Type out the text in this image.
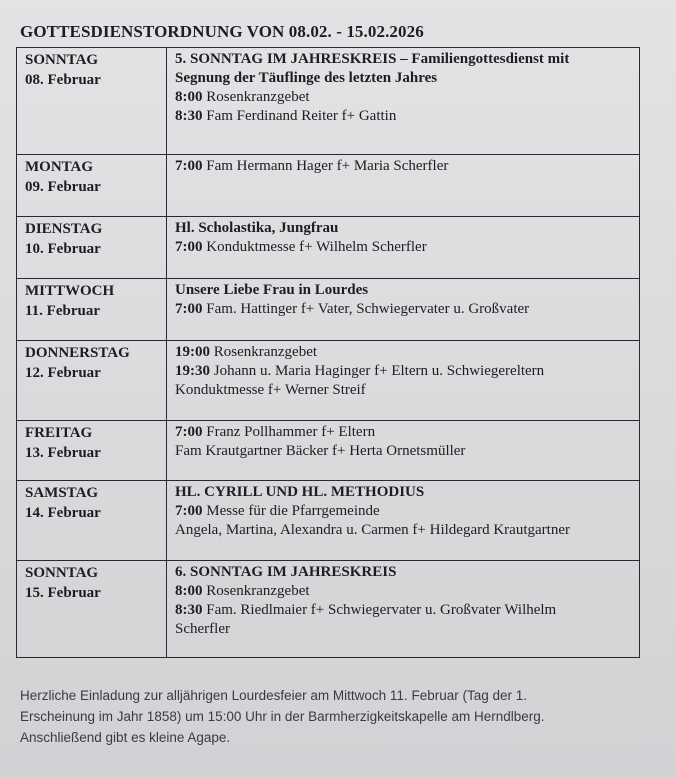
GOTTESDIENSTORDNUNG VON 08.02. - 15.02.2026
SONNTAG
08. Februar
5. SONNTAG IM JAHRESKREIS – Familiengottesdienst mit
Segnung der Täuflinge des letzten Jahres
8:00 Rosenkranzgebet
8:30 Fam Ferdinand Reiter f+ Gattin
MONTAG
09. Februar
7:00 Fam Hermann Hager f+ Maria Scherfler
DIENSTAG
10. Februar
Hl. Scholastika, Jungfrau
7:00 Konduktmesse f+ Wilhelm Scherfler
MITTWOCH
11. Februar
Unsere Liebe Frau in Lourdes
7:00 Fam. Hattinger f+ Vater, Schwiegervater u. Großvater
DONNERSTAG
12. Februar
19:00 Rosenkranzgebet
19:30 Johann u. Maria Haginger f+ Eltern u. Schwiegereltern
Konduktmesse f+ Werner Streif
FREITAG
13. Februar
7:00 Franz Pollhammer f+ Eltern
Fam Krautgartner Bäcker f+ Herta Ornetsmüller
SAMSTAG
14. Februar
HL. CYRILL UND HL. METHODIUS
7:00 Messe für die Pfarrgemeinde
Angela, Martina, Alexandra u. Carmen f+ Hildegard Krautgartner
SONNTAG
15. Februar
6. SONNTAG IM JAHRESKREIS
8:00 Rosenkranzgebet
8:30 Fam. Riedlmaier f+ Schwiegervater u. Großvater Wilhelm
Scherfler
Herzliche Einladung zur alljährigen Lourdesfeier am Mittwoch 11. Februar (Tag der 1.
Erscheinung im Jahr 1858) um 15:00 Uhr in der Barmherzigkeitskapelle am Herndlberg.
Anschließend gibt es kleine Agape.
